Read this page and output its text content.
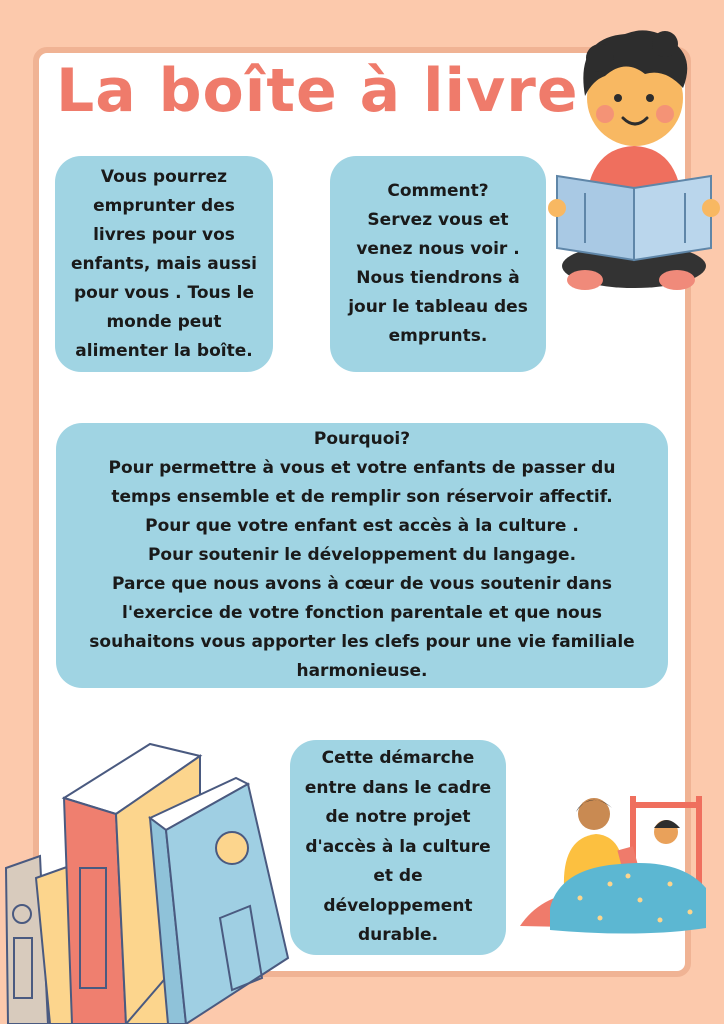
La boîte à livre
Vous pourrez
emprunter des
livres pour vos
enfants, mais aussi
pour vous . Tous le
monde peut
alimenter la boîte.
Comment?
Servez vous et
venez nous voir .
Nous tiendrons à
jour le tableau des
emprunts.
Pourquoi?
Pour permettre à vous et votre enfants de passer du
temps ensemble et de remplir son réservoir affectif.
Pour que votre enfant est accès à la culture .
Pour soutenir le développement du langage.
Parce que nous avons à cœur de vous soutenir dans
l'exercice de votre fonction parentale et que nous
souhaitons vous apporter les clefs pour une vie familiale
harmonieuse.
Cette démarche
entre dans le cadre
de notre projet
d'accès à la culture
et de
développement
durable.
